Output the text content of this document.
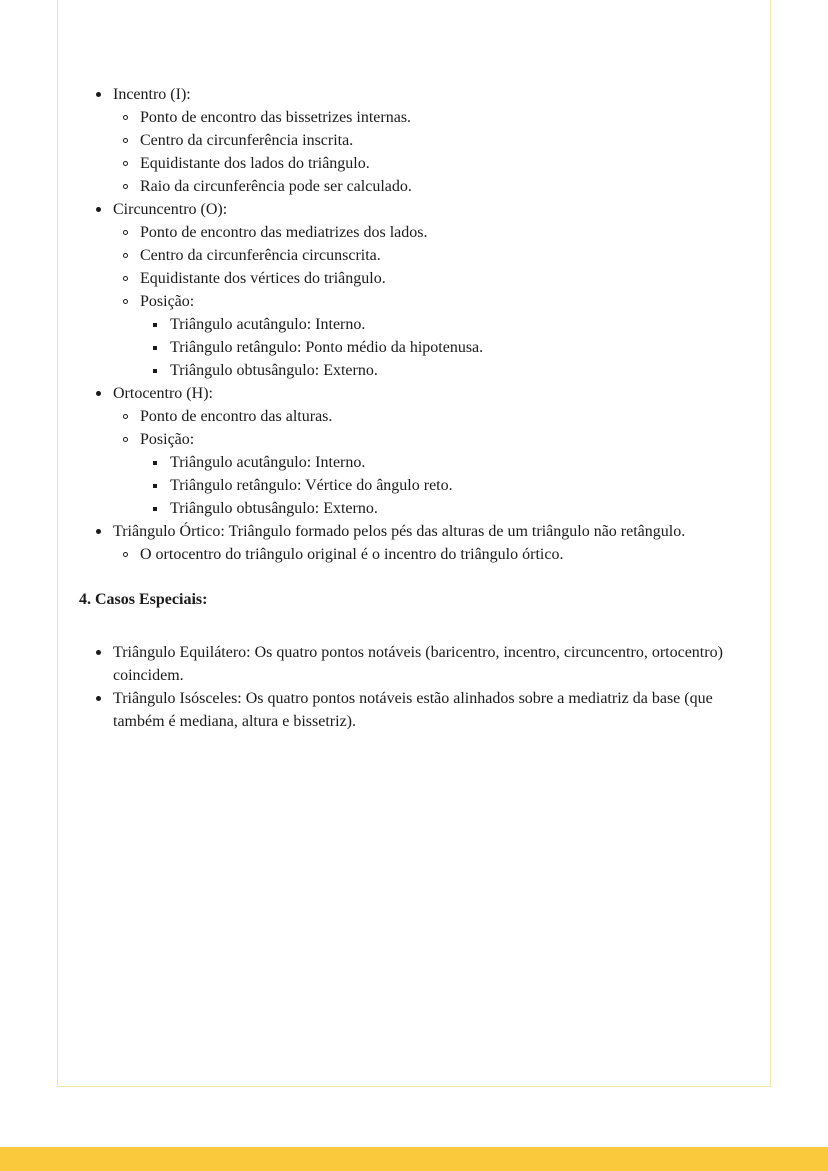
Incentro (I):
Ponto de encontro das bissetrizes internas.
Centro da circunferência inscrita.
Equidistante dos lados do triângulo.
Raio da circunferência pode ser calculado.
Circuncentro (O):
Ponto de encontro das mediatrizes dos lados.
Centro da circunferência circunscrita.
Equidistante dos vértices do triângulo.
Posição:
Triângulo acutângulo: Interno.
Triângulo retângulo: Ponto médio da hipotenusa.
Triângulo obtusângulo: Externo.
Ortocentro (H):
Ponto de encontro das alturas.
Posição:
Triângulo acutângulo: Interno.
Triângulo retângulo: Vértice do ângulo reto.
Triângulo obtusângulo: Externo.
Triângulo Órtico: Triângulo formado pelos pés das alturas de um triângulo não retângulo.
O ortocentro do triângulo original é o incentro do triângulo órtico.

4. Casos Especiais:

Triângulo Equilátero: Os quatro pontos notáveis (baricentro, incentro, circuncentro, ortocentro) coincidem.
Triângulo Isósceles: Os quatro pontos notáveis estão alinhados sobre a mediatriz da base (que também é mediana, altura e bissetriz).
